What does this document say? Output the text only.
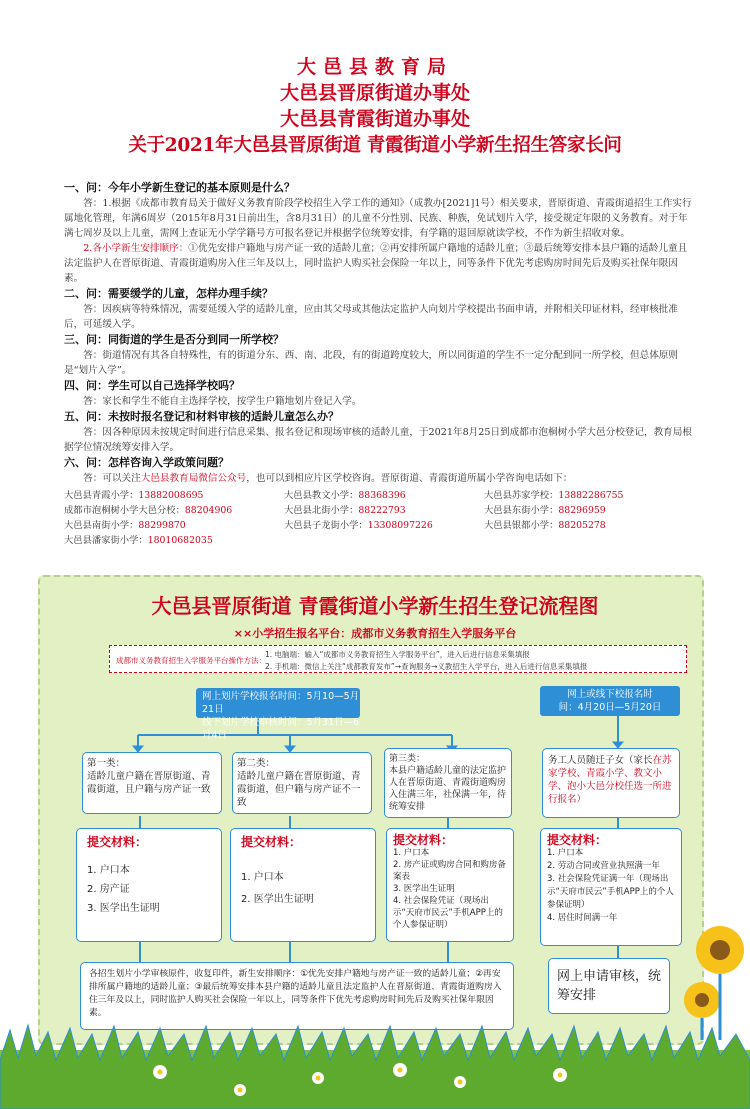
大邑县教育局
大邑县晋原街道办事处
大邑县青霞街道办事处
关于2021年大邑县晋原街道 青霞街道小学新生招生答家长问
一、问：今年小学新生登记的基本原则是什么？
答：1.根据《成都市教育局关于做好义务教育阶段学校招生入学工作的通知》（成教办[2021]1号）相关要求，晋原街道、青霞街道招生工作实行属地化管理，年满6周岁（2015年8月31日前出生，含8月31日）的儿童不分性别、民族、种族，免试划片入学，接受规定年限的义务教育。对于年满七周岁及以上儿童，需网上查证无小学学籍号方可报名登记并根据学位统筹安排，有学籍的退回原就读学校，不作为新生招收对象。
2.各小学新生安排顺序：①优先安排户籍地与房产证一致的适龄儿童；②再安排所属户籍地的适龄儿童；③最后统筹安排本县户籍的适龄儿童且法定监护人在晋原街道、青霞街道购房入住三年及以上，同时监护人购买社会保险一年以上，同等条件下优先考虑购房时间先后及购买社保年限因素。
二、问：需要缓学的儿童，怎样办理手续？
答：因疾病等特殊情况，需要延缓入学的适龄儿童，应由其父母或其他法定监护人向划片学校提出书面申请，并附相关印证材料，经审核批准后，可延缓入学。
三、问：同街道的学生是否分到同一所学校？
答：街道情况有其各自特殊性，有的街道分东、西、南、北段，有的街道跨度较大，所以同街道的学生不一定分配到同一所学校，但总体原则是“划片入学”。
四、问：学生可以自己选择学校吗？
答：家长和学生不能自主选择学校，按学生户籍地划片登记入学。
五、问：未按时报名登记和材料审核的适龄儿童怎么办？
答：因各种原因未按规定时间进行信息采集、报名登记和现场审核的适龄儿童，于2021年8月25日到成都市泡桐树小学大邑分校登记，教育局根据学位情况统筹安排入学。
六、问：怎样咨询入学政策问题？
答：可以关注大邑县教育局微信公众号，也可以到相应片区学校咨询。晋原街道、青霞街道所属小学咨询电话如下：
大邑县青霞小学：13882008695	大邑县教文小学：88368396	大邑县苏家学校：13882286755
成都市泡桐树小学大邑分校：88204906	大邑县北街小学：88222793	大邑县东街小学：88296959
大邑县南街小学：88299870	大邑县子龙街小学：13308097226	大邑县银都小学：88205278
大邑县潘家街小学：18010682035
大邑县晋原街道 青霞街道小学新生招生登记流程图
××小学招生报名平台：成都市义务教育招生入学服务平台
成都市义务教育招生入学服务平台操作方法：
1. 电脑端：输入“成都市义务教育招生入学服务平台”，进入后进行信息采集填报
2. 手机端：微信上关注“成都教育发布”→查询服务→义教招生入学平台，进入后进行信息采集填报
网上划片学校报名时间：5月10—5月21日
线下划片学校审核时间：5月31日—6月4日
网上或线下校报名时
间：4月20日—5月20日
第一类：
适龄儿童户籍在晋原街道、青霞街道，且户籍与房产证一致
第二类：
适龄儿童户籍在晋原街道、青霞街道，但户籍与房产证不一致
第三类：
本县户籍适龄儿童的法定监护人在晋原街道、青霞街道购房入住满三年，社保满一年，待统筹安排
务工人员随迁子女（家长在苏家学校、青霞小学、教文小学、泡小大邑分校任选一所进行报名）
提交材料：
1. 户口本
2. 房产证
3. 医学出生证明
提交材料：
1. 户口本
2. 医学出生证明
提交材料：
1. 户口本
2. 房产证或购房合同和购房备案表
3. 医学出生证明
4. 社会保险凭证（现场出示“天府市民云”手机APP上的个人参保证明）
提交材料：
1. 户口本
2. 劳动合同或营业执照满一年
3. 社会保险凭证满一年（现场出示“天府市民云”手机APP上的个人参保证明）
4. 居住时间满一年
各招生划片小学审核原件，收复印件，新生安排顺序：①优先安排户籍地与房产证一致的适龄儿童；②再安排所属户籍地的适龄儿童；③最后统筹安排本县户籍的适龄儿童且法定监护人在晋原街道、青霞街道购房入住三年及以上，同时监护人购买社会保险一年以上，同等条件下优先考虑购房时间先后及购买社保年限因素。
网上申请审核，统筹安排
